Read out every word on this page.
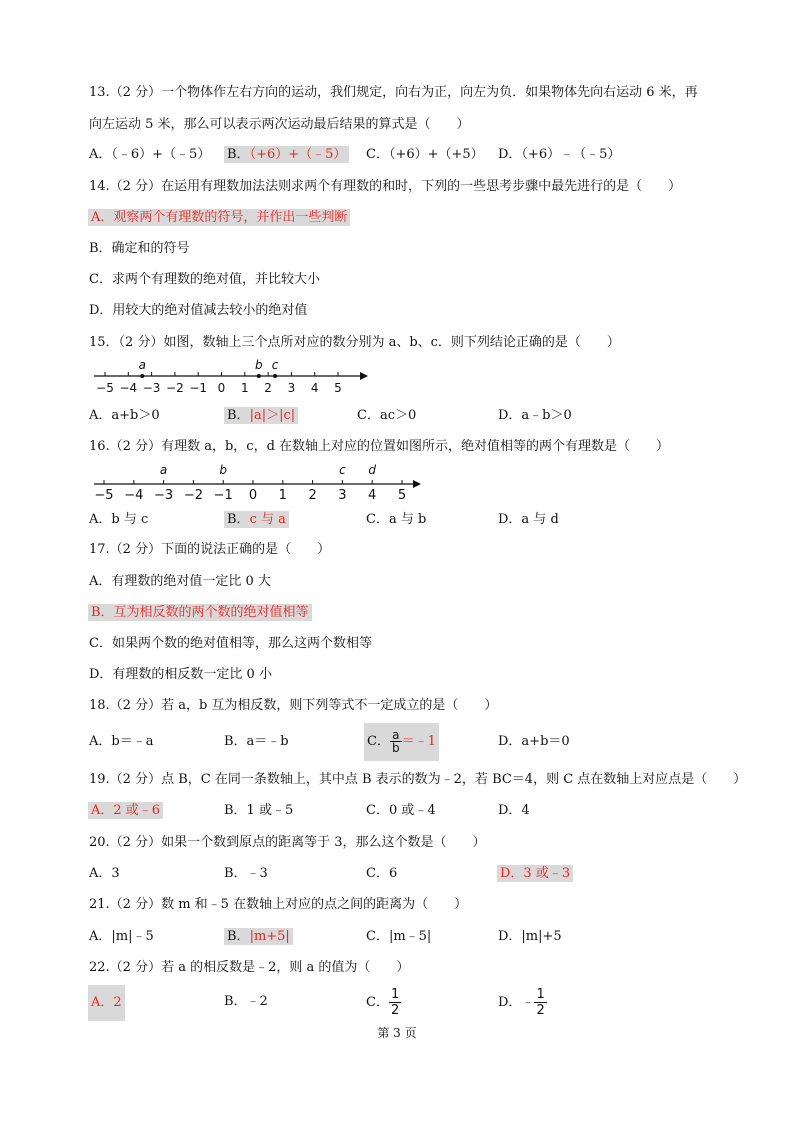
13.（2 分）一个物体作左右方向的运动，我们规定，向右为正，向左为负．如果物体先向右运动 6 米，再
向左运动 5 米，那么可以表示两次运动最后结果的算式是（　　）
A．（﹣6）+（﹣5） B．（+6）+（﹣5） C．（+6）+（+5） D．（+6）﹣（﹣5）
14.（2 分）在运用有理数加法法则求两个有理数的和时，下列的一些思考步骤中最先进行的是（　　）
A．观察两个有理数的符号，并作出一些判断
B．确定和的符号
C．求两个有理数的绝对值，并比较大小
D．用较大的绝对值减去较小的绝对值
15．（2 分）如图，数轴上三个点所对应的数分别为 a、b、c．则下列结论正确的是（　　）
−5 −4 −3 −2 −1 0 1 2 3 4 5
a	b c
A．a+b＞0	B．|a|＞|c|	C．ac＞0	D．a﹣b＞0
16.（2 分）有理数 a，b，c，d 在数轴上对应的位置如图所示，绝对值相等的两个有理数是（　　）
−5 −4 −3 −2 −1 0 1 2 3 4 5
a	b	c d
A．b 与 c	B．c 与 a	C．a 与 b	D．a 与 d
17.（2 分）下面的说法正确的是（　　）
A．有理数的绝对值一定比 0 大
B．互为相反数的两个数的绝对值相等
C．如果两个数的绝对值相等，那么这两个数相等
D．有理数的相反数一定比 0 小
18.（2 分）若 a，b 互为相反数，则下列等式不一定成立的是（　　）
A．b＝﹣a	B．a＝﹣b	C． $\frac{a}{b}$ ＝﹣1	D．a+b＝0
19.（2 分）点 B，C 在同一条数轴上，其中点 B 表示的数为﹣2，若 BC＝4，则 C 点在数轴上对应点是（　　）
A．2 或﹣6	B．1 或﹣5	C．0 或﹣4	D．4
20.（2 分）如果一个数到原点的距离等于 3，那么这个数是（　　）
A．3	B．﹣3	C．6	D．3 或﹣3
21.（2 分）数 m 和﹣5 在数轴上对应的点之间的距离为（　　）
A．|m|﹣5	B．|m+5|	C．|m﹣5|	D．|m|+5
22.（2 分）若 a 的相反数是﹣2，则 a 的值为（　　）
A．2	B．﹣2	C． $\frac{1}{2}$	D．﹣ $\frac{1}{2}$
第 3 页
